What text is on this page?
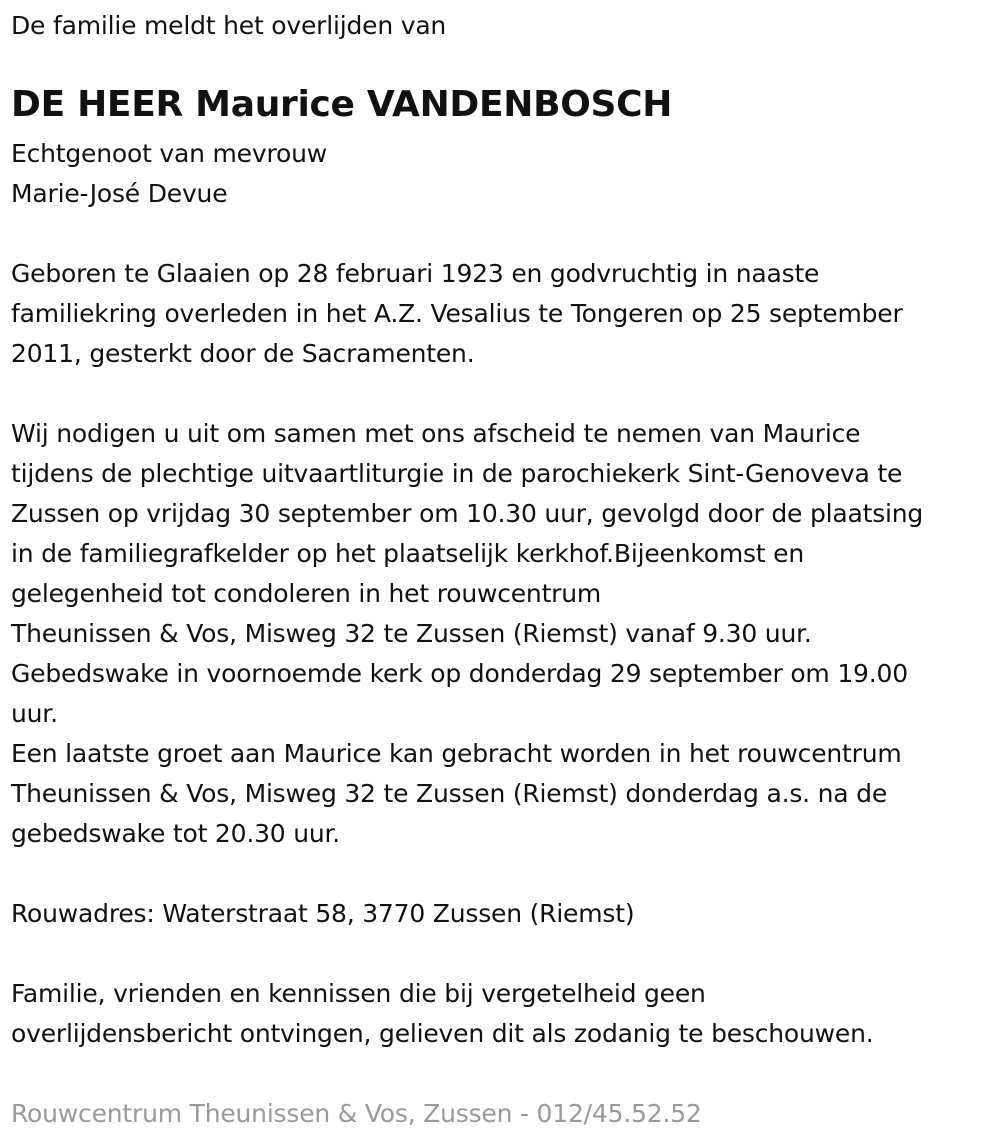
De familie meldt het overlijden van
DE HEER Maurice VANDENBOSCH
Echtgenoot van mevrouw
Marie-José Devue
Geboren te Glaaien op 28 februari 1923 en godvruchtig in naaste
familiekring overleden in het A.Z. Vesalius te Tongeren op 25 september
2011, gesterkt door de Sacramenten.
Wij nodigen u uit om samen met ons afscheid te nemen van Maurice
tijdens de plechtige uitvaartliturgie in de parochiekerk Sint-Genoveva te
Zussen op vrijdag 30 september om 10.30 uur, gevolgd door de plaatsing
in de familiegrafkelder op het plaatselijk kerkhof.Bijeenkomst en
gelegenheid tot condoleren in het rouwcentrum
Theunissen & Vos, Misweg 32 te Zussen (Riemst) vanaf 9.30 uur.
Gebedswake in voornoemde kerk op donderdag 29 september om 19.00
uur.
Een laatste groet aan Maurice kan gebracht worden in het rouwcentrum
Theunissen & Vos, Misweg 32 te Zussen (Riemst) donderdag a.s. na de
gebedswake tot 20.30 uur.
Rouwadres: Waterstraat 58, 3770 Zussen (Riemst)
Familie, vrienden en kennissen die bij vergetelheid geen
overlijdensbericht ontvingen, gelieven dit als zodanig te beschouwen.
Rouwcentrum Theunissen & Vos, Zussen - 012/45.52.52
